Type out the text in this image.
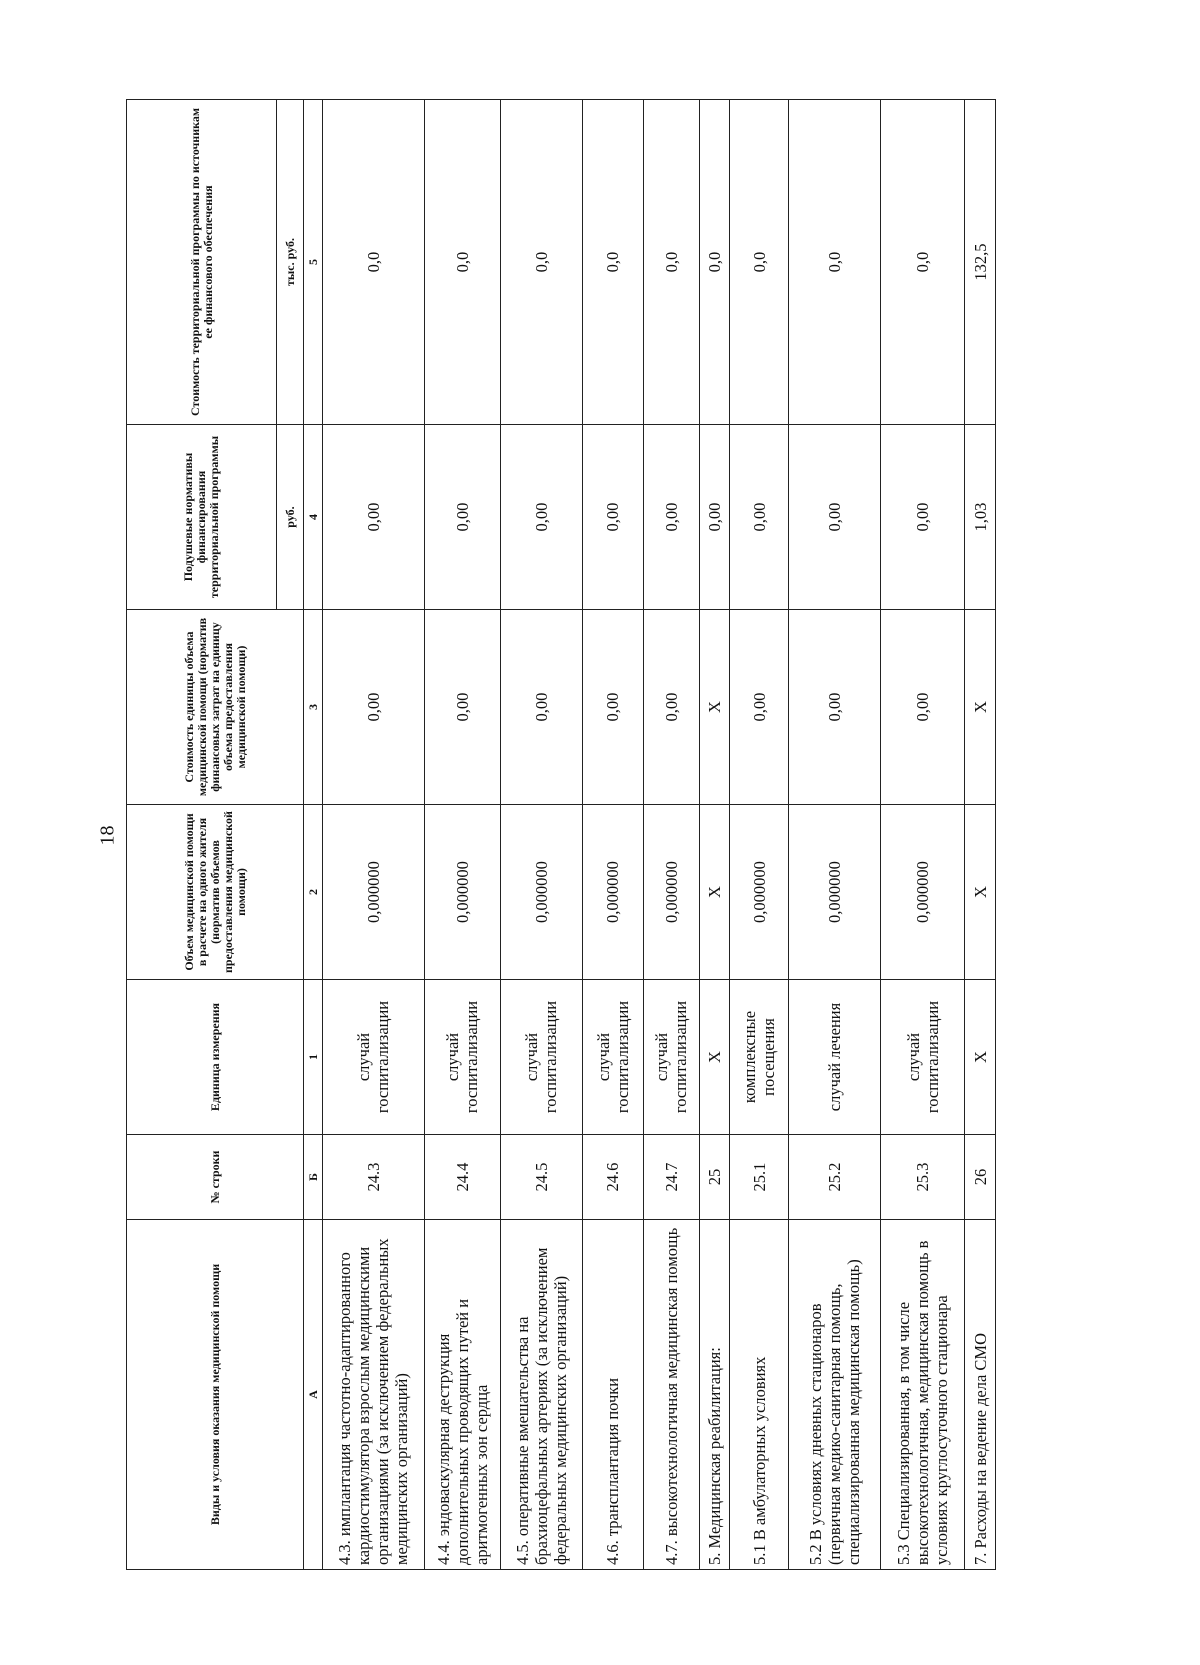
18
Виды и условия оказания медицинской помощи	№ строки	Единица измерения	Объем медицинской помощи в расчете на одного жителя (норматив объемов предоставления медицинской помощи)	Стоимость единицы объема медицинской помощи (норматив финансовых затрат на единицу объема предоставления медицинской помощи)	Подушевые нормативы финансирования территориальной программы	Стоимость территориальной программы по источникам ее финансового обеспечения
					руб.	тыс. руб.
А	Б	1	2	3	4	5
4.3. имплантация частотно-адаптированного кардиостимулятора взрослым медицинскими организациями (за исключением федеральных медицинских организаций)	24.3	случай госпитализации	0,000000	0,00	0,00	0,0
4.4. эндоваскулярная деструкция дополнительных проводящих путей и аритмогенных зон сердца	24.4	случай госпитализации	0,000000	0,00	0,00	0,0
4.5. оперативные вмешательства на брахиоцефальных артериях (за исключением федеральных медицинских организаций)	24.5	случай госпитализации	0,000000	0,00	0,00	0,0
4.6. трансплантация почки	24.6	случай госпитализации	0,000000	0,00	0,00	0,0
4.7. высокотехнологичная медицинская помощь	24.7	случай госпитализации	0,000000	0,00	0,00	0,0
5. Медицинская реабилитация:	25	X	X	X	0,00	0,0
5.1 В амбулаторных условиях	25.1	комплексные посещения	0,000000	0,00	0,00	0,0
5.2 В условиях дневных стационаров (первичная медико-санитарная помощь, специализированная медицинская помощь)	25.2	случай лечения	0,000000	0,00	0,00	0,0
5.3 Специализированная, в том числе высокотехнологичная, медицинская помощь в условиях круглосуточного стационара	25.3	случай госпитализации	0,000000	0,00	0,00	0,0
7. Расходы на ведение дела СМО	26	X	X	X	1,03	132,5
